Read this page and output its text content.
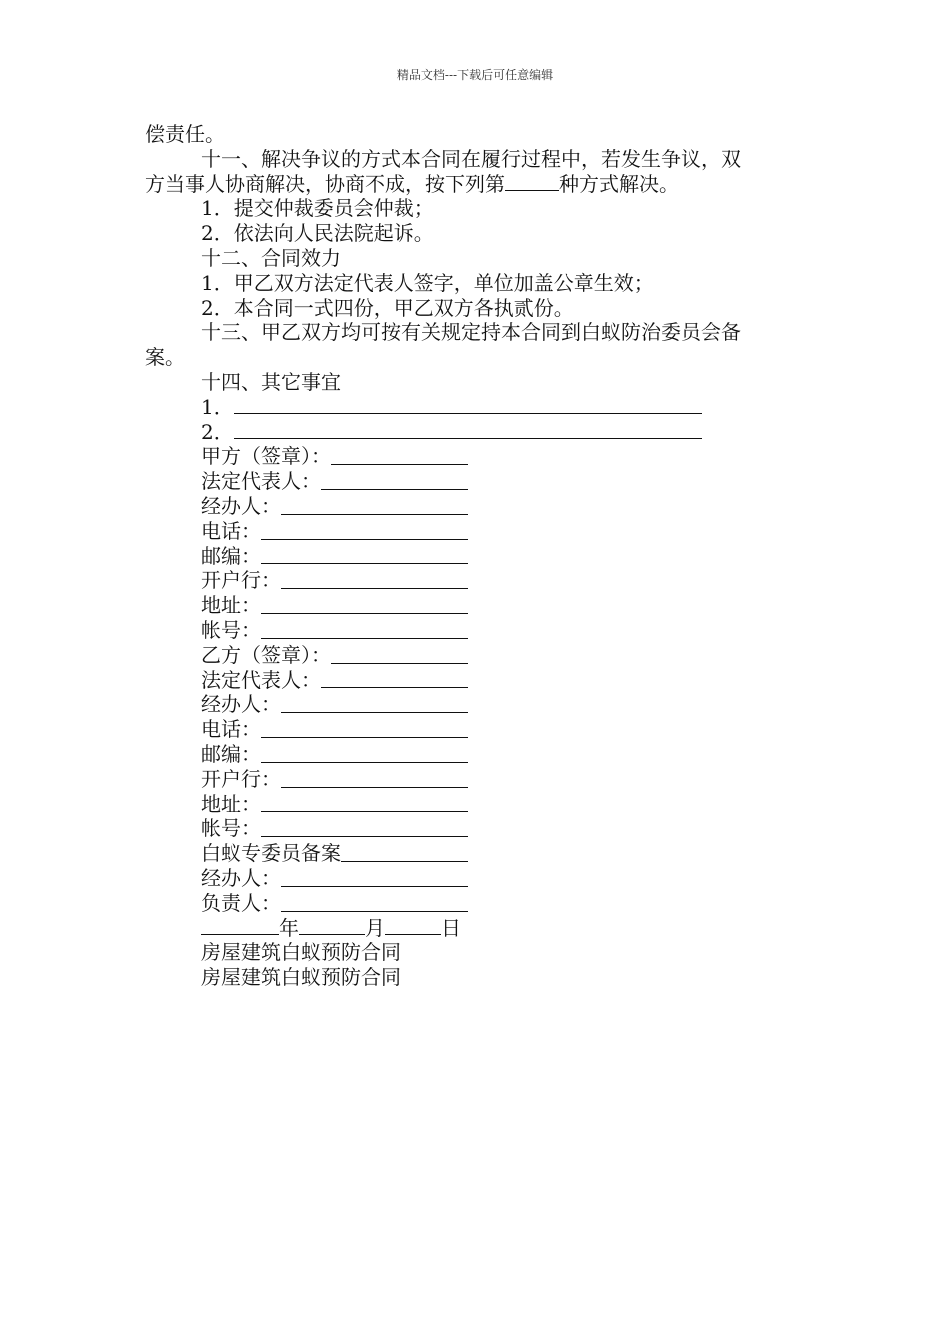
精品文档---下载后可任意编辑
偿责任。
十一、解决争议的方式本合同在履行过程中，若发生争议，双
方当事人协商解决，协商不成，按下列第	种方式解决。
1．提交仲裁委员会仲裁；
2．依法向人民法院起诉。
十二、合同效力
1．甲乙双方法定代表人签字，单位加盖公章生效；
2．本合同一式四份，甲乙双方各执贰份。
十三、甲乙双方均可按有关规定持本合同到白蚁防治委员会备
案。
十四、其它事宜
1．
2．
甲方（签章）：
法定代表人：
经办人：
电话：
邮编：
开户行：
地址：
帐号：
乙方（签章）：
法定代表人：
经办人：
电话：
邮编：
开户行：
地址：
帐号：
白蚁专委员备案
经办人：
负责人：
年	月	日
房屋建筑白蚁预防合同
房屋建筑白蚁预防合同
